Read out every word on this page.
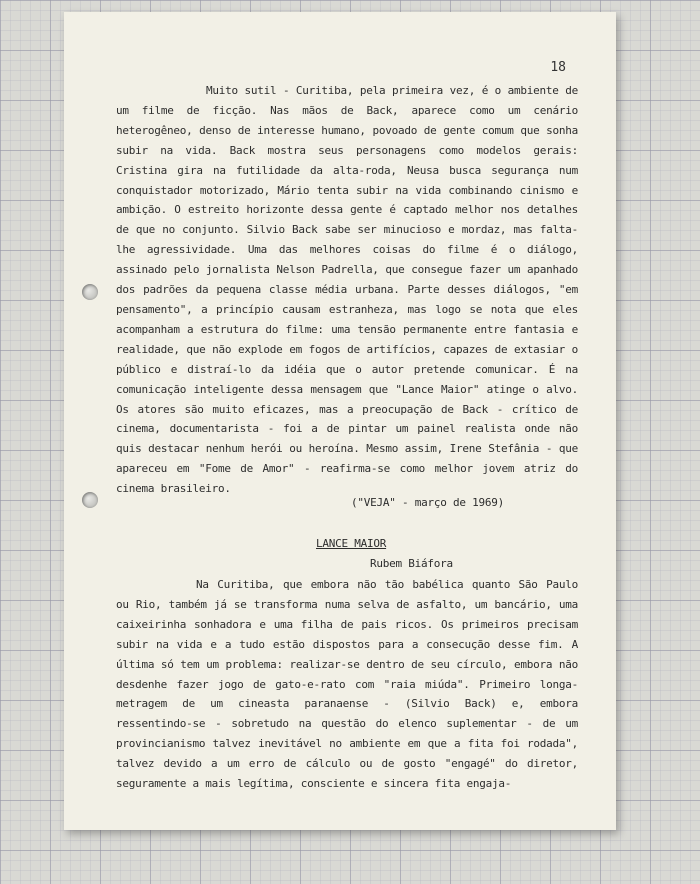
18

Muito sutil - Curitiba, pela primeira vez, é o ambiente de um filme de ficção. Nas mãos de Back, aparece como um cenário heterogêneo, denso de interesse humano, povoado de gente comum que sonha subir na vida. Back mostra seus personagens como modelos gerais: Cristina gira na futilidade da alta-roda, Neusa busca segurança num conquistador motorizado, Mário tenta subir na vida combinando cinismo e ambição. O estreito horizonte dessa gente é captado melhor nos detalhes de que no conjunto. Silvio Back sabe ser minucioso e mordaz, mas falta-lhe agressividade. Uma das melhores coisas do filme é o diálogo, assinado pelo jornalista Nelson Padrella, que consegue fazer um apanhado dos padrões da pequena classe média urbana. Parte desses diálogos, "em pensamento", a princípio causam estranheza, mas logo se nota que eles acompanham a estrutura do filme: uma tensão permanente entre fantasia e realidade, que não explode em fogos de artifícios, capazes de extasiar o público e distraí-lo da idéia que o autor pretende comunicar. É na comunicação inteligente dessa mensagem que "Lance Maior" atinge o alvo. Os atores são muito eficazes, mas a preocupação de Back - crítico de cinema, documentarista - foi a de pintar um painel realista onde não quis destacar nenhum herói ou heroína. Mesmo assim, Irene Stefânia - que apareceu em "Fome de Amor" - reafirma-se como melhor jovem atriz do cinema brasileiro.

("VEJA" - março de 1969)

LANCE MAIOR

Rubem Biáfora

Na Curitiba, que embora não tão babélica quanto São Paulo ou Rio, também já se transforma numa selva de asfalto, um bancário, uma caixeirinha sonhadora e uma filha de pais ricos. Os primeiros precisam subir na vida e a tudo estão dispostos para a consecução desse fim. A última só tem um problema: realizar-se dentro de seu círculo, embora não desdenhe fazer jogo de gato-e-rato com "raia miúda". Primeiro longa-metragem de um cineasta paranaense - (Silvio Back) e, embora ressentindo-se - sobretudo na questão do elenco suplementar - de um provincianismo talvez inevitável no ambiente em que a fita foi rodada", talvez devido a um erro de cálculo ou de gosto "engagé" do diretor, seguramente a mais legítima, consciente e sincera fita engaja-
